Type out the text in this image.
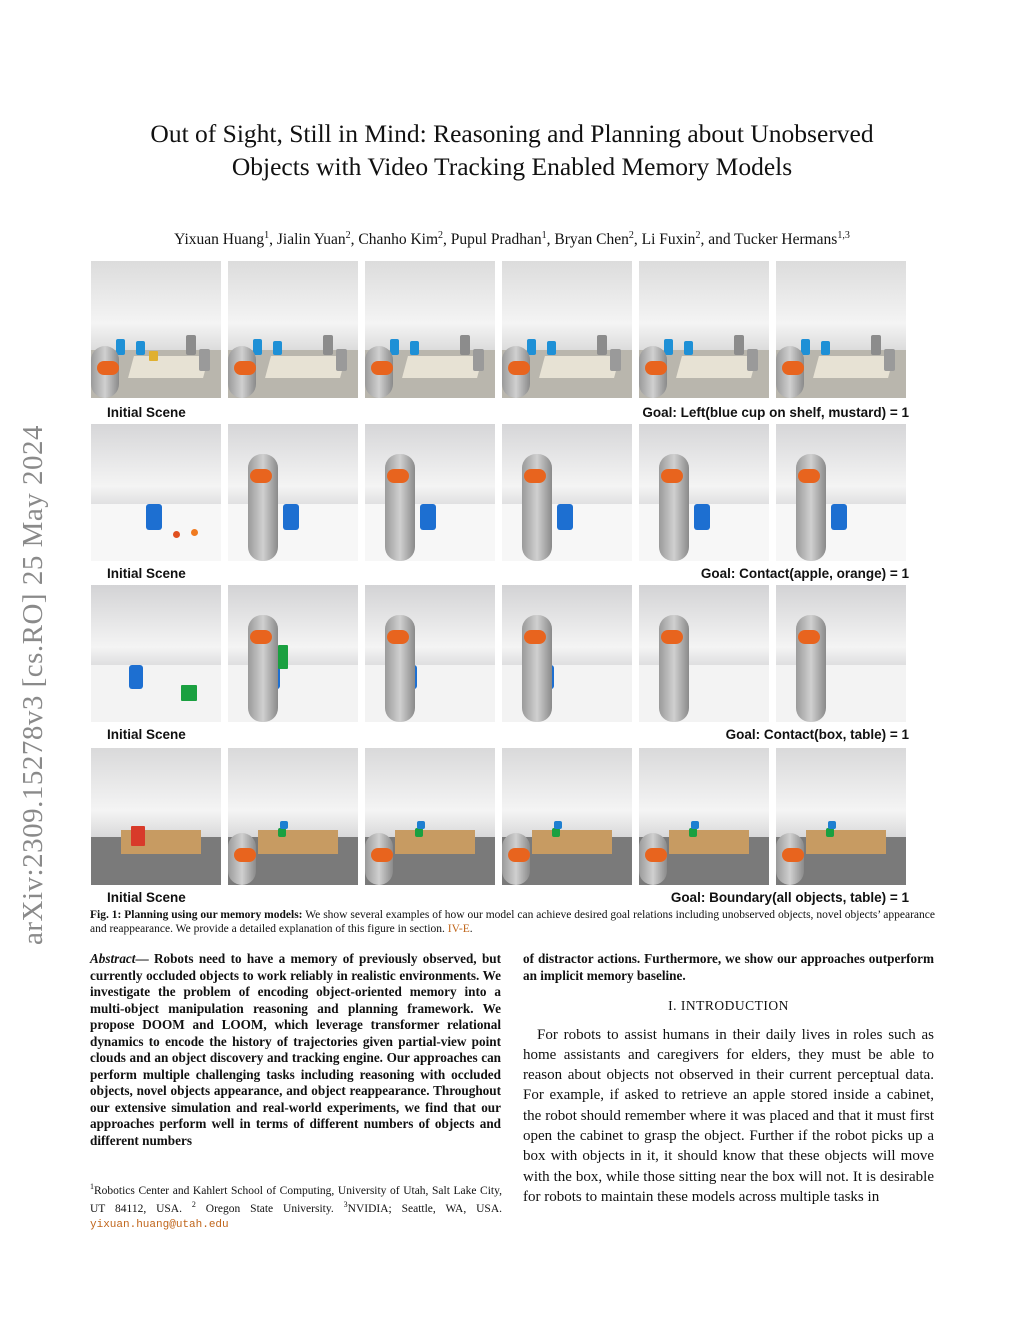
arXiv:2309.15278v3 [cs.RO] 25 May 2024
Out of Sight, Still in Mind: Reasoning and Planning about Unobserved
Objects with Video Tracking Enabled Memory Models
Yixuan Huang$^1$, Jialin Yuan$^2$, Chanho Kim$^2$, Pupul Pradhan$^1$, Bryan Chen$^2$, Li Fuxin$^2$, and Tucker Hermans$^{1,3}$
Initial Scene	Goal: Left(blue cup on shelf, mustard) = 1
Initial Scene	Goal: Contact(apple, orange) = 1
Initial Scene	Goal: Contact(box, table) = 1
Initial Scene	Goal: Boundary(all objects, table) = 1
Fig. 1: Planning using our memory models: We show several examples of how our model can achieve desired goal relations including unobserved objects, novel objects’ appearance and reappearance. We provide a detailed explanation of this figure in section. IV-E.

Abstract— Robots need to have a memory of previously observed, but currently occluded objects to work reliably in realistic environments. We investigate the problem of encoding object-oriented memory into a multi-object manipulation reasoning and planning framework. We propose DOOM and LOOM, which leverage transformer relational dynamics to encode the history of trajectories given partial-view point clouds and an object discovery and tracking engine. Our approaches can perform multiple challenging tasks including reasoning with occluded objects, novel objects appearance, and object reappearance. Throughout our extensive simulation and real-world experiments, we find that our approaches perform well in terms of different numbers of objects and different numbers

$^1$Robotics Center and Kahlert School of Computing, University of Utah, Salt Lake City, UT 84112, USA. $^2$ Oregon State University. $^3$NVIDIA; Seattle, WA, USA. yixuan.huang@utah.edu

of distractor actions. Furthermore, we show our approaches outperform an implicit memory baseline.

I. INTRODUCTION

For robots to assist humans in their daily lives in roles such as home assistants and caregivers for elders, they must be able to reason about objects not observed in their current perceptual data. For example, if asked to retrieve an apple stored inside a cabinet, the robot should remember where it was placed and that it must first open the cabinet to grasp the object. Further if the robot picks up a box with objects in it, it should know that these objects will move with the box, while those sitting near the box will not. It is desirable for robots to maintain these models across multiple tasks in
